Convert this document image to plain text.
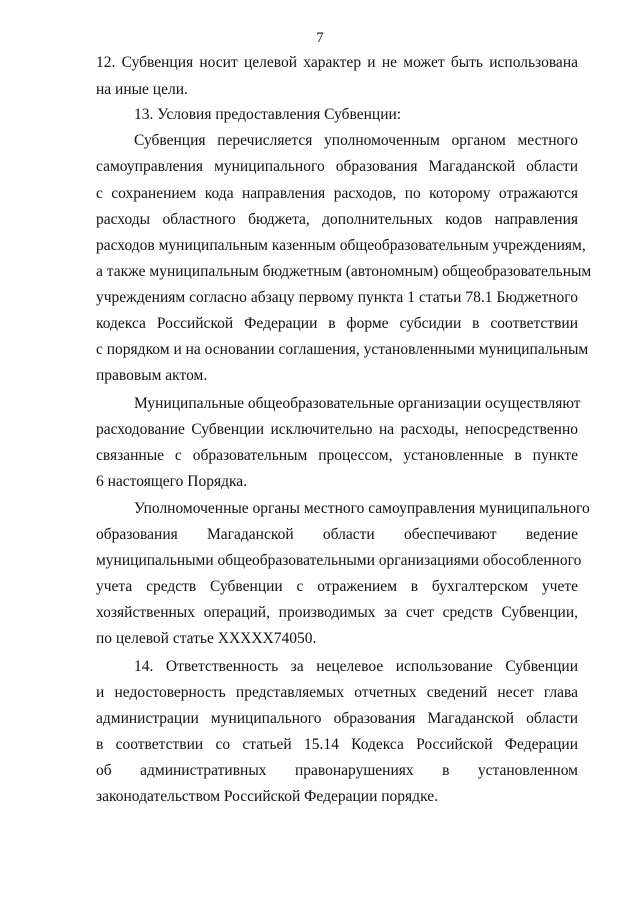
7
12. Субвенция носит целевой характер и не может быть использована
на иные цели.
13. Условия предоставления Субвенции:
Субвенция перечисляется уполномоченным органом местного
самоуправления муниципального образования Магаданской области
с сохранением кода направления расходов, по которому отражаются
расходы областного бюджета, дополнительных кодов направления
расходов муниципальным казенным общеобразовательным учреждениям,
а также муниципальным бюджетным (автономным) общеобразовательным
учреждениям согласно абзацу первому пункта 1 статьи 78.1 Бюджетного
кодекса Российской Федерации в форме субсидии в соответствии
с порядком и на основании соглашения, установленными муниципальным
правовым актом.
Муниципальные общеобразовательные организации осуществляют
расходование Субвенции исключительно на расходы, непосредственно
связанные с образовательным процессом, установленные в пункте
6 настоящего Порядка.
Уполномоченные органы местного самоуправления муниципального
образования Магаданской области обеспечивают ведение
муниципальными общеобразовательными организациями обособленного
учета средств Субвенции с отражением в бухгалтерском учете
хозяйственных операций, производимых за счет средств Субвенции,
по целевой статье ХХХХХ74050.
14. Ответственность за нецелевое использование Субвенции
и недостоверность представляемых отчетных сведений несет глава
администрации муниципального образования Магаданской области
в соответствии со статьей 15.14 Кодекса Российской Федерации
об административных правонарушениях в установленном
законодательством Российской Федерации порядке.
